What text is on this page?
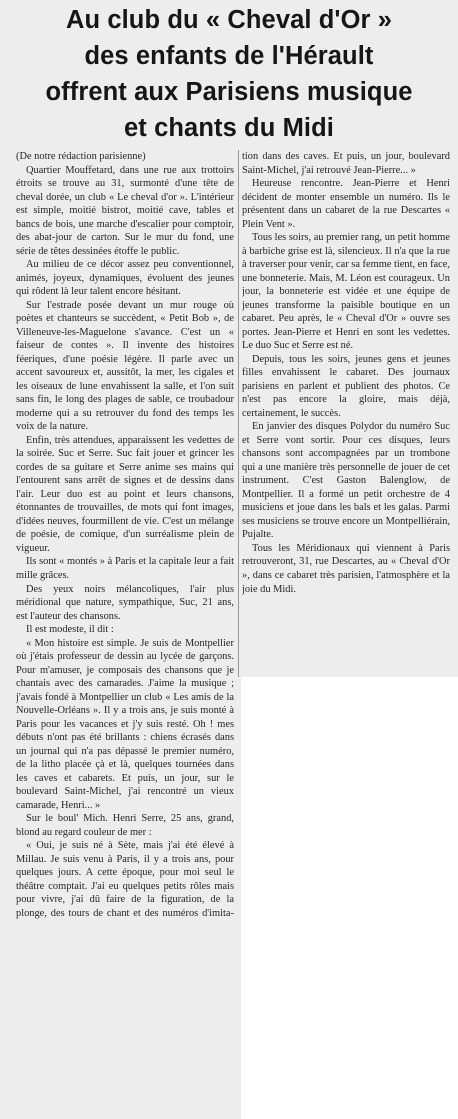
Au club du « Cheval d'Or »
des enfants de l'Hérault
offrent aux Parisiens musique
et chants du Midi

(De notre rédaction parisienne)

Quartier Mouffetard, dans une rue aux trottoirs étroits se trouve au 31, surmonté d'une tête de cheval dorée, un club « Le cheval d'or ». L'intérieur est simple, moitié bistrot, moitié cave, tables et bancs de bois, une marche d'escalier pour comptoir, des abat-jour de carton. Sur le mur du fond, une série de têtes dessinées étoffe le public.

Au milieu de ce décor assez peu conventionnel, animés, joyeux, dynamiques, évoluent des jeunes qui rôdent là leur talent encore hésitant.

Sur l'estrade posée devant un mur rouge où poètes et chanteurs se succèdent, « Petit Bob », de Villeneuve-les-Maguelone s'avance. C'est un « faiseur de contes ». Il invente des histoires féeriques, d'une poésie légère. Il parle avec un accent savoureux et, aussitôt, la mer, les cigales et les oiseaux de lune envahissent la salle, et l'on suit sans fin, le long des plages de sable, ce troubadour moderne qui a su retrouver du fond des temps les voix de la nature.

Enfin, très attendues, apparaissent les vedettes de la soirée. Suc et Serre. Suc fait jouer et grincer les cordes de sa guitare et Serre anime ses mains qui l'entourent sans arrêt de signes et de dessins dans l'air. Leur duo est au point et leurs chansons, étonnantes de trouvailles, de mots qui font images, d'idées neuves, fourmillent de vie. C'est un mélange de poésie, de comique, d'un surréalisme plein de vigueur.

Ils sont « montés » à Paris et la capitale leur a fait mille grâces.

Des yeux noirs mélancoliques, l'air plus méridional que nature, sympathique, Suc, 21 ans, est l'auteur des chansons.

Il est modeste, il dit :

« Mon histoire est simple. Je suis de Montpellier où j'étais professeur de dessin au lycée de garçons. Pour m'amuser, je composais des chansons que je chantais avec des camarades. J'aime la musique ; j'avais fondé à Montpellier un club « Les amis de la Nouvelle-Orléans ». Il y a trois ans, je suis monté à Paris pour les vacances et j'y suis resté. Oh ! mes débuts n'ont pas été brillants : chiens écrasés dans un journal qui n'a pas dépassé le premier numéro, de la litho placée çà et là, quelques tournées dans les caves et cabarets. Et puis, un jour, sur le boulevard Saint-Michel, j'ai rencontré un vieux camarade, Henri... »

Sur le boul' Mich. Henri Serre, 25 ans, grand, blond au regard couleur de mer :

« Oui, je suis né à Sète, mais j'ai été élevé à Millau. Je suis venu à Paris, il y a trois ans, pour quelques jours. A cette époque, pour moi seul le théâtre comptait. J'ai eu quelques petits rôles mais pour vivre, j'ai dû faire de la figuration, de la plonge, des tours de chant et des numéros d'imita-

tion dans des caves. Et puis, un jour, boulevard Saint-Michel, j'ai retrouvé Jean-Pierre... »

Heureuse rencontre. Jean-Pierre et Henri décident de monter ensemble un numéro. Ils le présentent dans un cabaret de la rue Descartes « Plein Vent ».

Tous les soirs, au premier rang, un petit homme à barbiche grise est là, silencieux. Il n'a que la rue à traverser pour venir, car sa femme tient, en face, une bonneterie. Mais, M. Léon est courageux. Un jour, la bonneterie est vidée et une équipe de jeunes transforme la paisible boutique en un cabaret. Peu après, le « Cheval d'Or » ouvre ses portes. Jean-Pierre et Henri en sont les vedettes. Le duo Suc et Serre est né.

Depuis, tous les soirs, jeunes gens et jeunes filles envahissent le cabaret. Des journaux parisiens en parlent et publient des photos. Ce n'est pas encore la gloire, mais déjà, certainement, le succès.

En janvier des disques Polydor du numéro Suc et Serre vont sortir. Pour ces disques, leurs chansons sont accompagnées par un trombone qui a une manière très personnelle de jouer de cet instrument. C'est Gaston Balenglow, de Montpellier. Il a formé un petit orchestre de 4 musiciens et joue dans les bals et les galas. Parmi ses musiciens se trouve encore un Montpelliérain, Pujalte.

Tous les Méridionaux qui viennent à Paris retrouveront, 31, rue Descartes, au « Cheval d'Or », dans ce cabaret très parisien, l'atmosphère et la joie du Midi.
